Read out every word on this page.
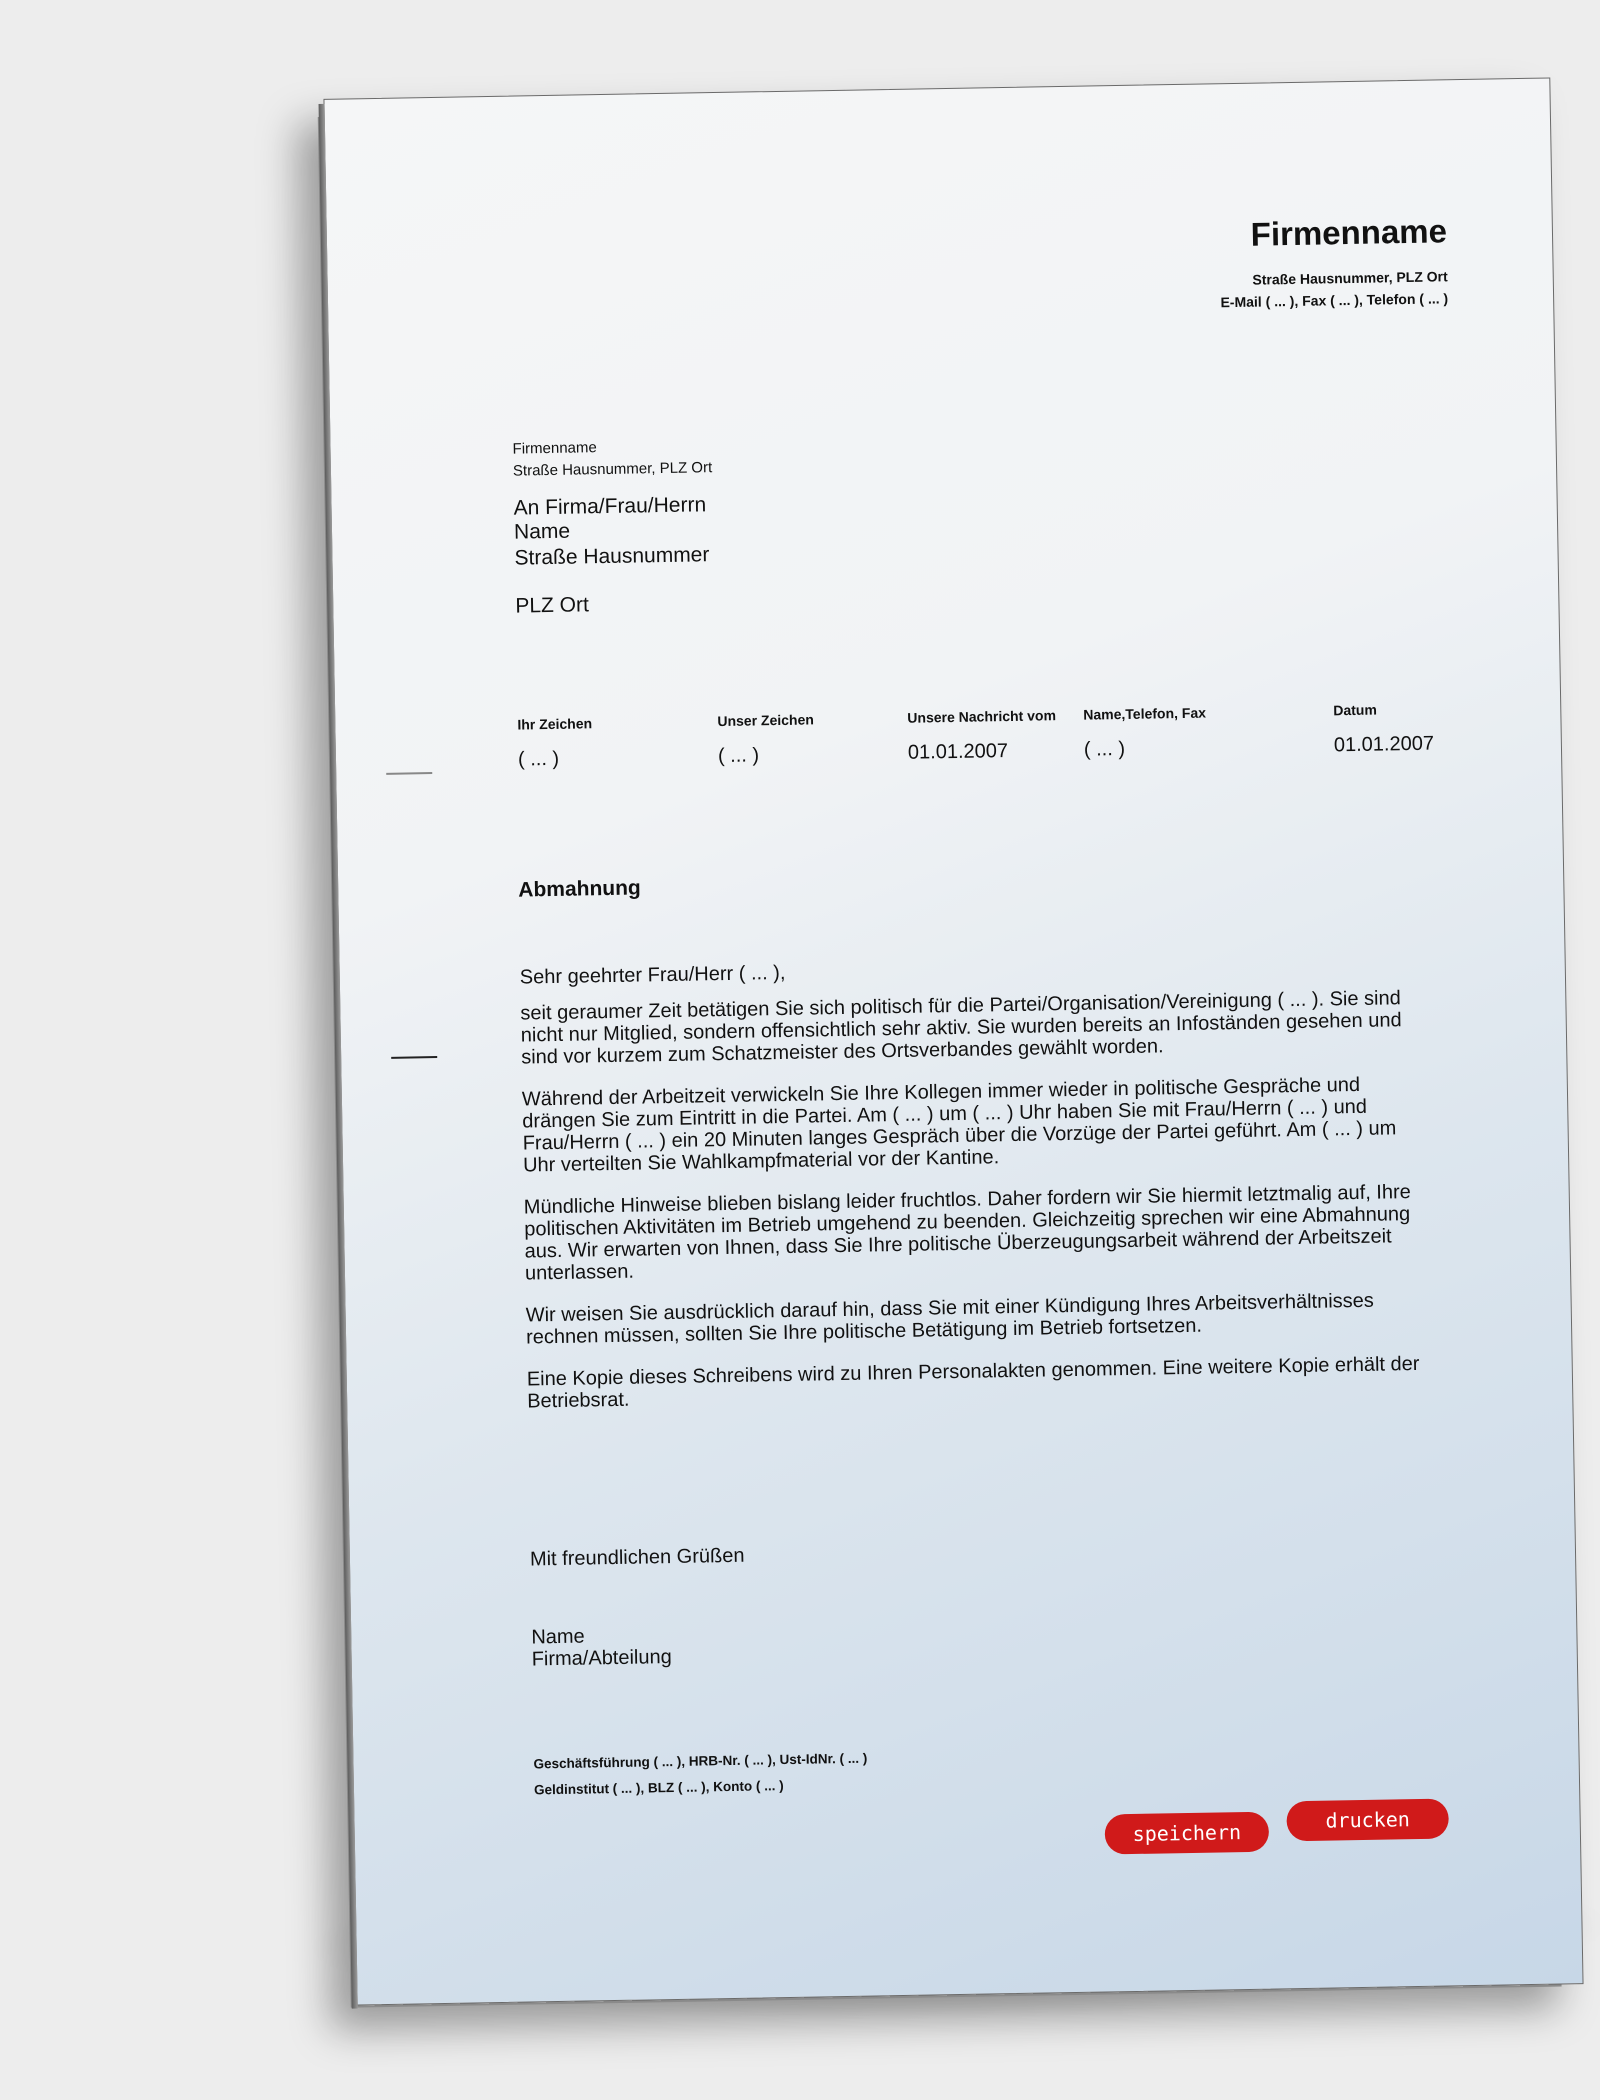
Firmenname
Straße Hausnummer, PLZ Ort
E-Mail ( ... ), Fax ( ... ), Telefon ( ... )
Firmenname
Straße Hausnummer, PLZ Ort
An Firma/Frau/Herrn
Name
Straße Hausnummer
PLZ Ort
Ihr Zeichen
( ... )
Unser Zeichen
( ... )
Unsere Nachricht vom
01.01.2007
Name,Telefon, Fax
( ... )
Datum
01.01.2007
Abmahnung

Sehr geehrter Frau/Herr ( ... ),

seit geraumer Zeit betätigen Sie sich politisch für die Partei/Organisation/Vereinigung ( ... ). Sie sind nicht nur Mitglied, sondern offensichtlich sehr aktiv. Sie wurden bereits an Infoständen gesehen und sind vor kurzem zum Schatzmeister des Ortsverbandes gewählt worden.

Während der Arbeitzeit verwickeln Sie Ihre Kollegen immer wieder in politische Gespräche und drängen Sie zum Eintritt in die Partei. Am ( ... ) um ( ... ) Uhr haben Sie mit Frau/Herrn ( ... ) und Frau/Herrn ( ... ) ein 20 Minuten langes Gespräch über die Vorzüge der Partei geführt. Am ( ... ) um Uhr verteilten Sie Wahlkampfmaterial vor der Kantine.

Mündliche Hinweise blieben bislang leider fruchtlos. Daher fordern wir Sie hiermit letztmalig auf, Ihre politischen Aktivitäten im Betrieb umgehend zu beenden. Gleichzeitig sprechen wir eine Abmahnung aus. Wir erwarten von Ihnen, dass Sie Ihre politische Überzeugungsarbeit während der Arbeitszeit unterlassen.

Wir weisen Sie ausdrücklich darauf hin, dass Sie mit einer Kündigung Ihres Arbeitsverhältnisses rechnen müssen, sollten Sie Ihre politische Betätigung im Betrieb fortsetzen.

Eine Kopie dieses Schreibens wird zu Ihren Personalakten genommen. Eine weitere Kopie erhält der Betriebsrat.

Mit freundlichen Grüßen
Name
Firma/Abteilung
Geschäftsführung ( ... ), HRB-Nr. ( ... ), Ust-IdNr. ( ... )
Geldinstitut ( ... ), BLZ ( ... ), Konto ( ... )
speichern
drucken
